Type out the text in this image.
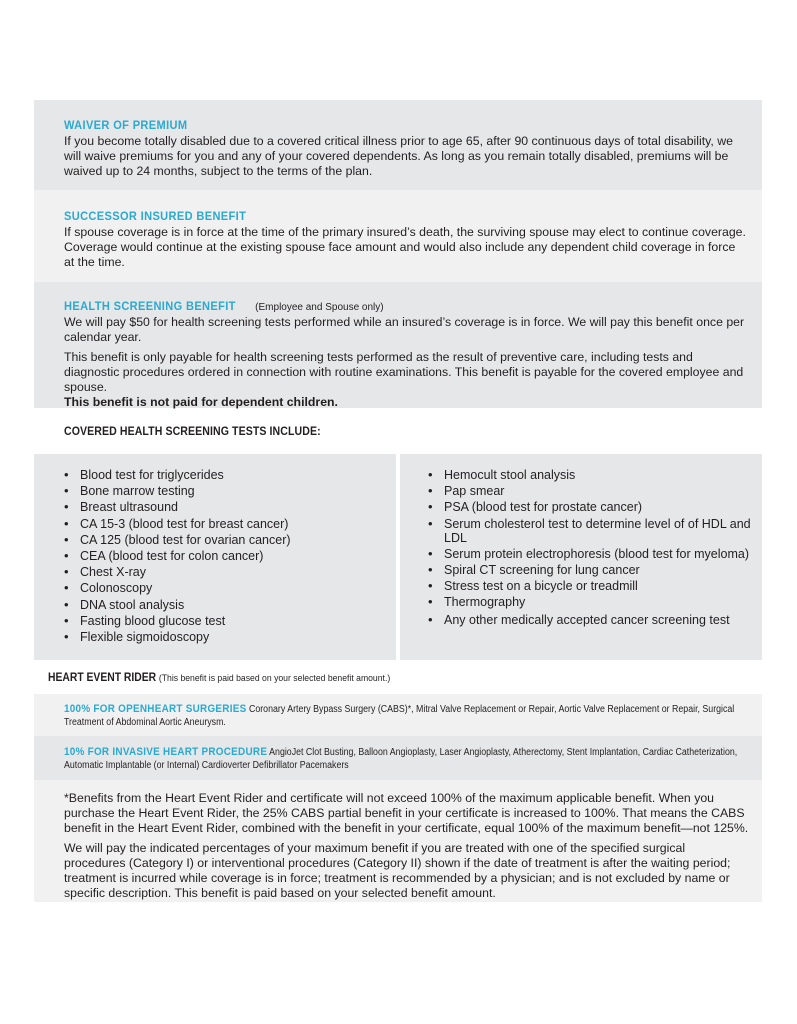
WAIVER OF PREMIUM

If you become totally disabled due to a covered critical illness prior to age 65, after 90 continuous days of total disability, we will waive premiums for you and any of your covered dependents. As long as you remain totally disabled, premiums will be waived up to 24 months, subject to the terms of the plan.

SUCCESSOR INSURED BENEFIT

If spouse coverage is in force at the time of the primary insured’s death, the surviving spouse may elect to continue coverage. Coverage would continue at the existing spouse face amount and would also include any dependent child coverage in force at the time.

HEALTH SCREENING BENEFIT (Employee and Spouse only)

We will pay $50 for health screening tests performed while an insured’s coverage is in force. We will pay this benefit once per calendar year.

This benefit is only payable for health screening tests performed as the result of preventive care, including tests and diagnostic procedures ordered in connection with routine examinations. This benefit is payable for the covered employee and spouse.

This benefit is not paid for dependent children.

COVERED HEALTH SCREENING TESTS INCLUDE:
• Blood test for triglycerides
• Bone marrow testing
• Breast ultrasound
• CA 15-3 (blood test for breast cancer)
• CA 125 (blood test for ovarian cancer)
• CEA (blood test for colon cancer)
• Chest X-ray
• Colonoscopy
• DNA stool analysis
• Fasting blood glucose test
• Flexible sigmoidoscopy
• Hemocult stool analysis
• Pap smear
• PSA (blood test for prostate cancer)
• Serum cholesterol test to determine level of of HDL and LDL
• Serum protein electrophoresis (blood test for myeloma)
• Spiral CT screening for lung cancer
• Stress test on a bicycle or treadmill
• Thermography
• Any other medically accepted cancer screening test
HEART EVENT RIDER (This benefit is paid based on your selected benefit amount.)
100% FOR OPENHEART SURGERIES Coronary Artery Bypass Surgery (CABS)*, Mitral Valve Replacement or Repair, Aortic Valve Replacement or Repair, Surgical Treatment of Abdominal Aortic Aneurysm.
10% FOR INVASIVE HEART PROCEDURE AngioJet Clot Busting, Balloon Angioplasty, Laser Angioplasty, Atherectomy, Stent Implantation, Cardiac Catheterization, Automatic Implantable (or Internal) Cardioverter Defibrillator Pacemakers

*Benefits from the Heart Event Rider and certificate will not exceed 100% of the maximum applicable benefit. When you purchase the Heart Event Rider, the 25% CABS partial benefit in your certificate is increased to 100%. That means the CABS benefit in the Heart Event Rider, combined with the benefit in your certificate, equal 100% of the maximum benefit—not 125%.

We will pay the indicated percentages of your maximum benefit if you are treated with one of the specified surgical procedures (Category I) or interventional procedures (Category II) shown if the date of treatment is after the waiting period; treatment is incurred while coverage is in force; treatment is recommended by a physician; and is not excluded by name or specific description. This benefit is paid based on your selected benefit amount.
